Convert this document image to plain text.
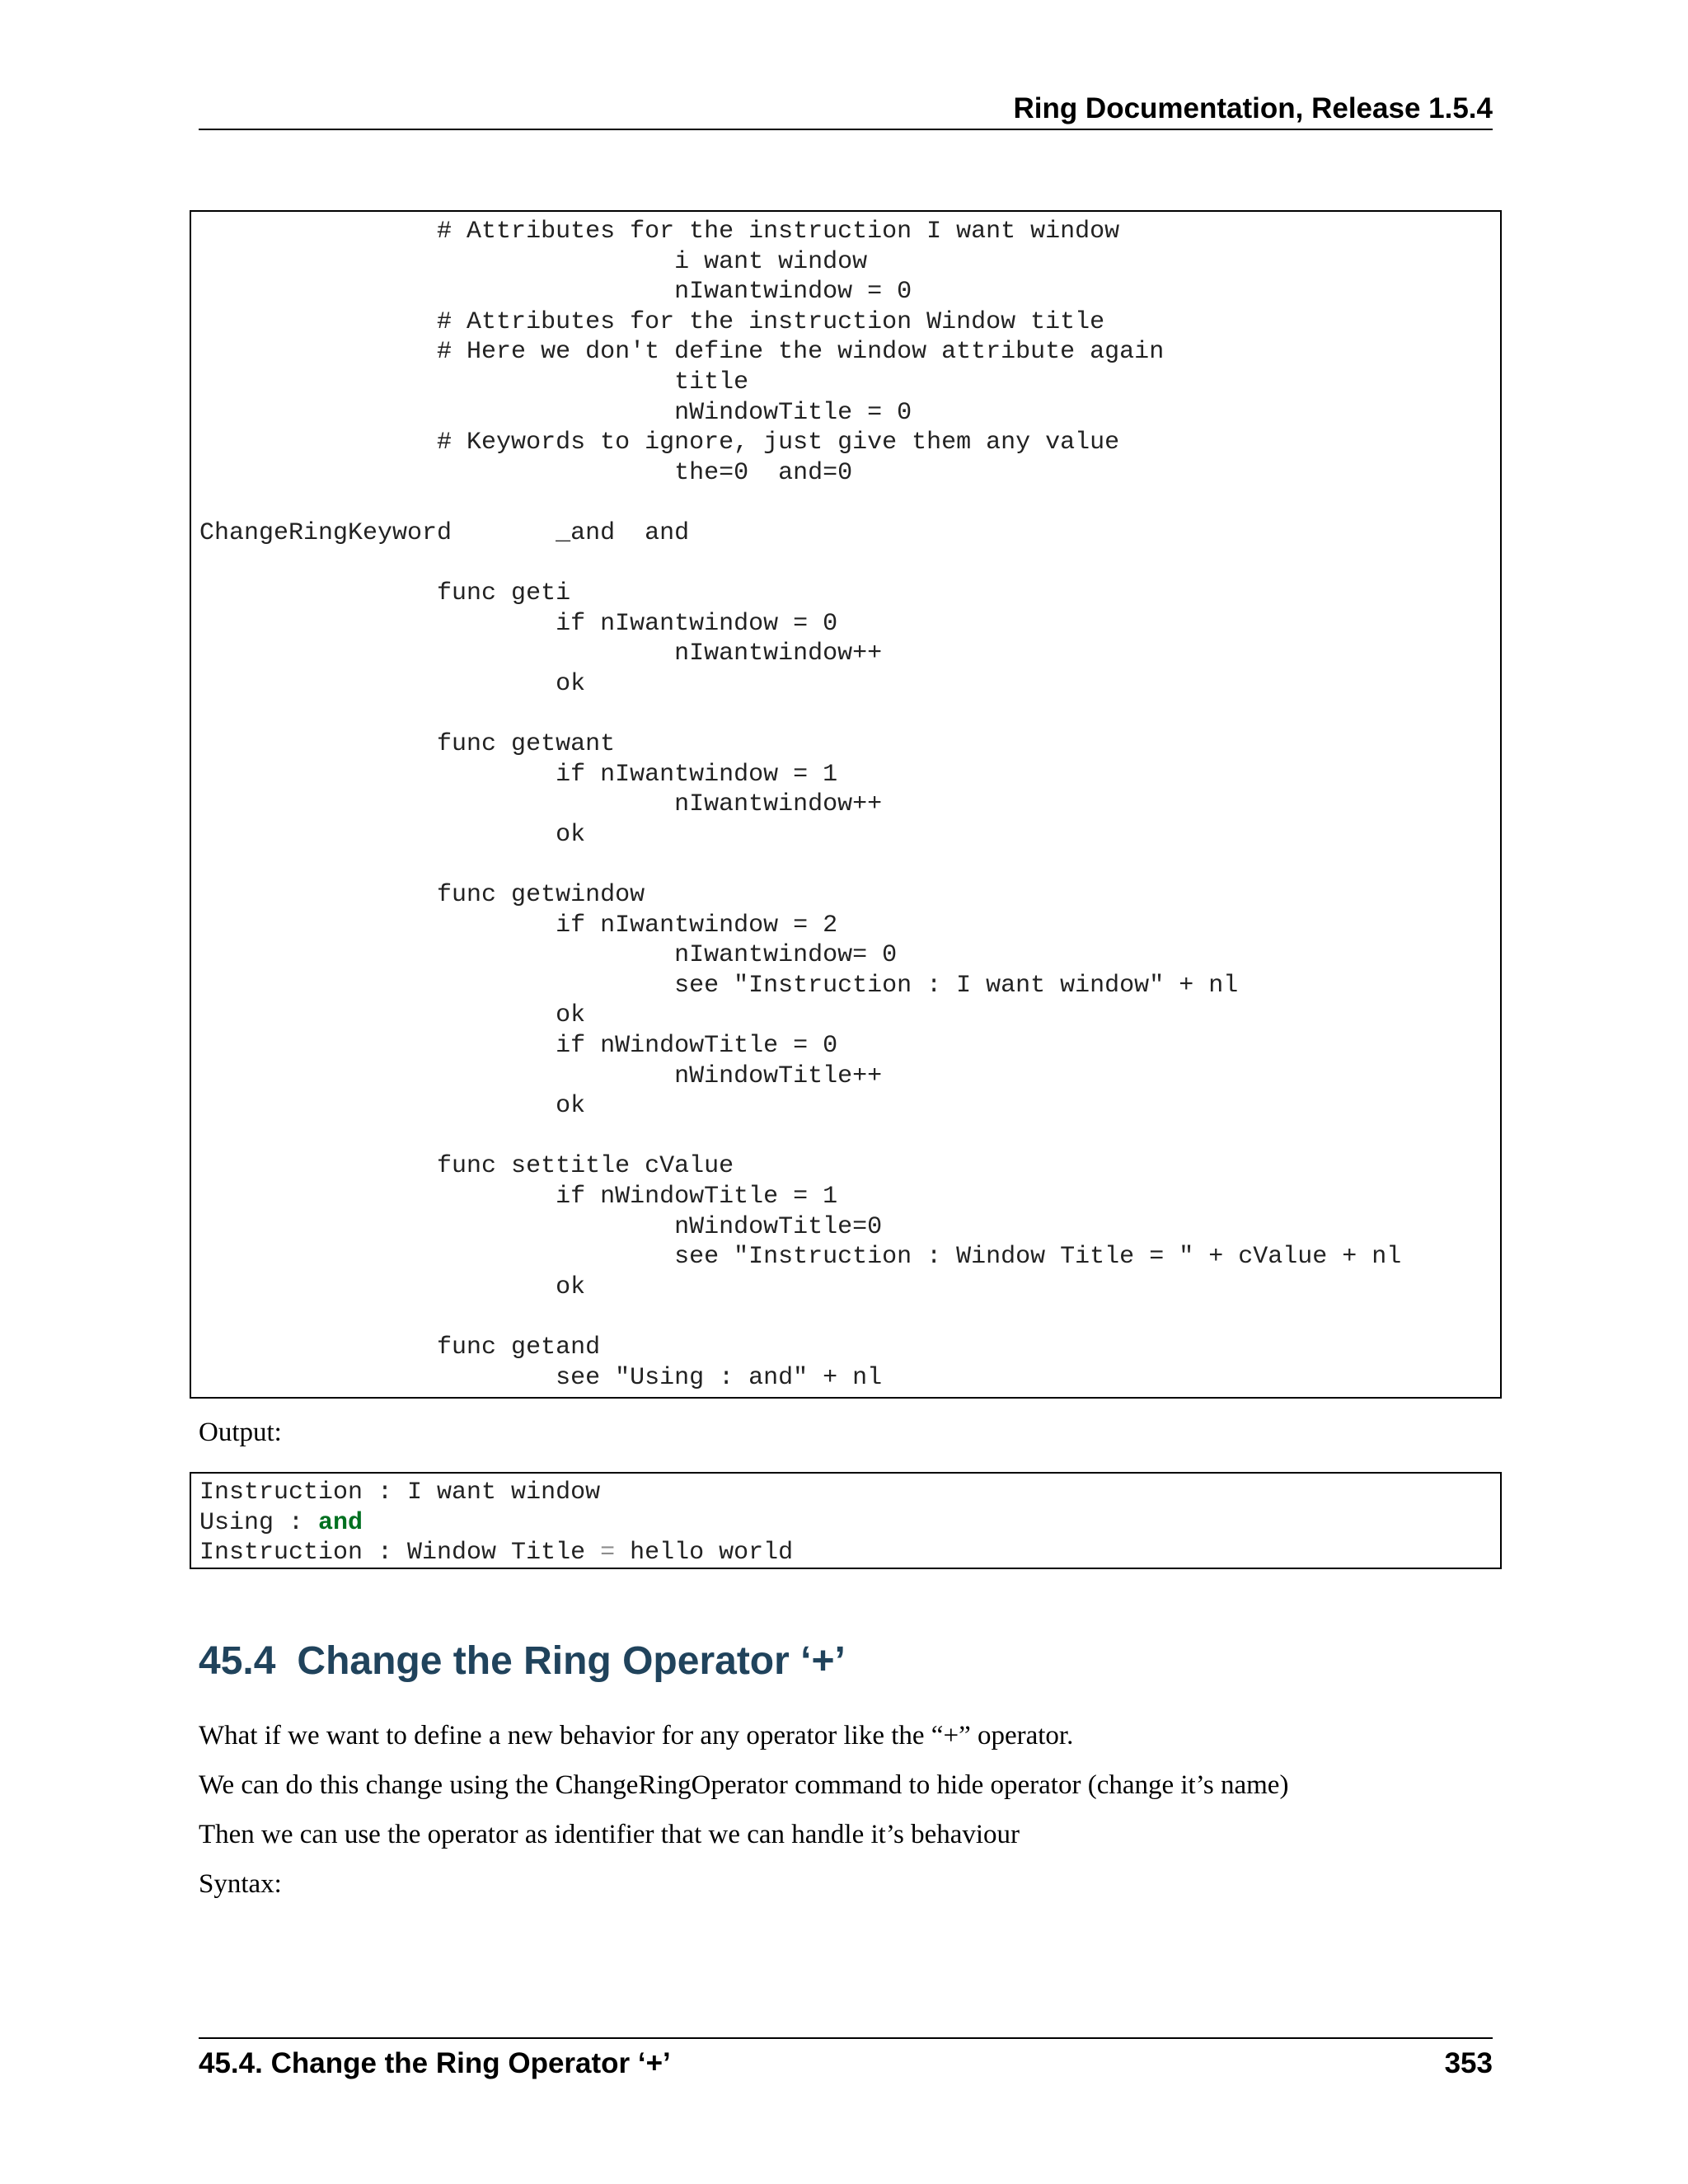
Ring Documentation, Release 1.5.4
# Attributes for the instruction I want window
i want window
nIwantwindow = 0
# Attributes for the instruction Window title
# Here we don't define the window attribute again
title
nWindowTitle = 0
# Keywords to ignore, just give them any value
the=0  and=0
ChangeRingKeyword       _and  and
func geti
if nIwantwindow = 0
nIwantwindow++
ok
func getwant
if nIwantwindow = 1
nIwantwindow++
ok
func getwindow
if nIwantwindow = 2
nIwantwindow= 0
see "Instruction : I want window" + nl
ok
if nWindowTitle = 0
nWindowTitle++
ok
func settitle cValue
if nWindowTitle = 1
nWindowTitle=0
see "Instruction : Window Title = " + cValue + nl
ok
func getand
see "Using : and" + nl
Output:
Instruction : I want window
Using : and
Instruction : Window Title = hello world
45.4 Change the Ring Operator ‘+’
What if we want to define a new behavior for any operator like the “+” operator.
We can do this change using the ChangeRingOperator command to hide operator (change it’s name)
Then we can use the operator as identifier that we can handle it’s behaviour
Syntax:
45.4. Change the Ring Operator ‘+’	353
